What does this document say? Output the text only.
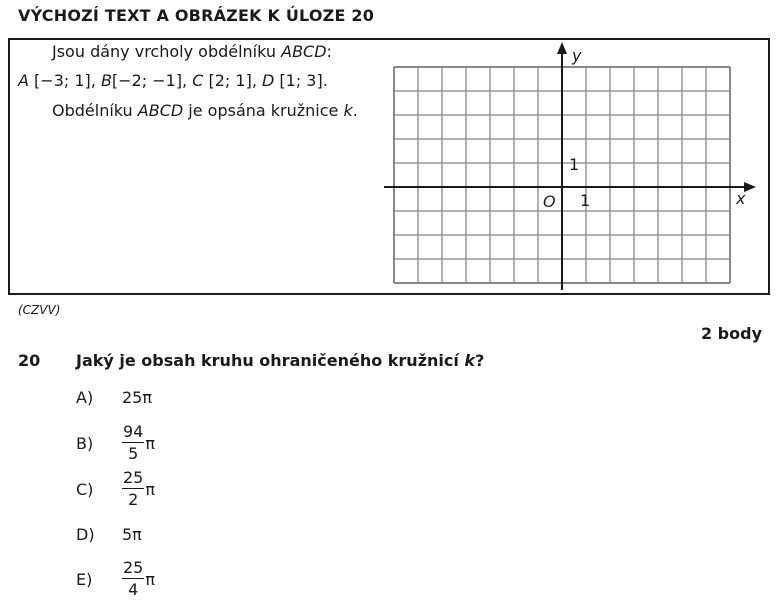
VÝCHOZÍ TEXT A OBRÁZEK K ÚLOZE 20
Jsou dány vrcholy obdélníku ABCD:
A [−3; 1], B[−2; −1], C [2; 1], D [1; 3].
Obdélníku ABCD je opsána kružnice k.
y
x
O 1
1
(CZVV)
2 body
20 Jaký je obsah kruhu ohraničeného kružnicí k?
A) 25π
$B) \frac{94}{5}$ π
$C) \frac{25}{2}$ π
D) 5π
$E) \frac{25}{4}$ π
